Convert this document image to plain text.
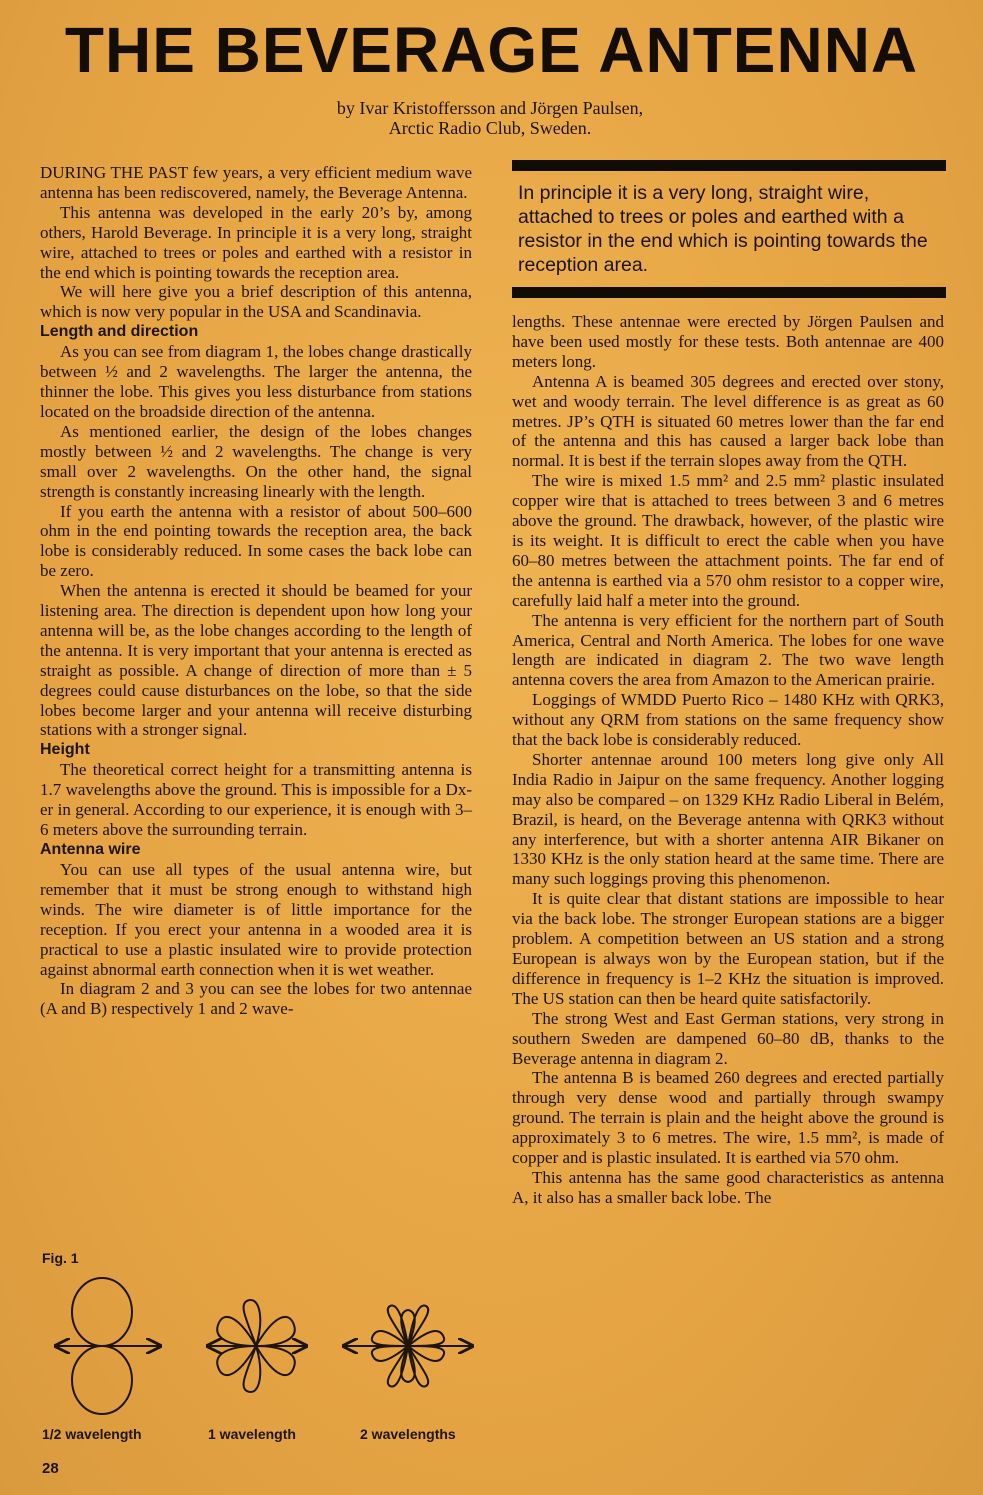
THE BEVERAGE ANTENNA
by Ivar Kristoffersson and Jörgen Paulsen,
Arctic Radio Club, Sweden.

DURING THE PAST few years, a very efficient medium wave antenna has been rediscovered, namely, the Beverage Antenna.

This antenna was developed in the early 20’s by, among others, Harold Beverage. In principle it is a very long, straight wire, attached to trees or poles and earthed with a resistor in the end which is pointing towards the reception area.

We will here give you a brief description of this antenna, which is now very popular in the USA and Scandinavia.

Length and direction

As you can see from diagram 1, the lobes change drastically between ½ and 2 wavelengths. The larger the antenna, the thinner the lobe. This gives you less disturbance from stations located on the broadside direction of the antenna.

As mentioned earlier, the design of the lobes changes mostly between ½ and 2 wavelengths. The change is very small over 2 wavelengths. On the other hand, the signal strength is constantly increasing linearly with the length.

If you earth the antenna with a resistor of about 500–600 ohm in the end pointing towards the reception area, the back lobe is considerably reduced. In some cases the back lobe can be zero.

When the antenna is erected it should be beamed for your listening area. The direction is dependent upon how long your antenna will be, as the lobe changes according to the length of the antenna. It is very important that your antenna is erected as straight as possible. A change of direction of more than ± 5 degrees could cause disturbances on the lobe, so that the side lobes become larger and your antenna will receive disturbing stations with a stronger signal.

Height

The theoretical correct height for a transmitting antenna is 1.7 wavelengths above the ground. This is impossible for a Dx-er in general. According to our experience, it is enough with 3–6 meters above the surrounding terrain.

Antenna wire

You can use all types of the usual antenna wire, but remember that it must be strong enough to withstand high winds. The wire diameter is of little importance for the reception. If you erect your antenna in a wooded area it is practical to use a plastic insulated wire to provide protection against abnormal earth connection when it is wet weather.

In diagram 2 and 3 you can see the lobes for two antennae (A and B) respectively 1 and 2 wave-

In principle it is a very long, straight wire, attached to trees or poles and earthed with a resistor in the end which is pointing towards the reception area.

lengths. These antennae were erected by Jörgen Paulsen and have been used mostly for these tests. Both antennae are 400 meters long.

Antenna A is beamed 305 degrees and erected over stony, wet and woody terrain. The level difference is as great as 60 metres. JP’s QTH is situated 60 metres lower than the far end of the antenna and this has caused a larger back lobe than normal. It is best if the terrain slopes away from the QTH.

The wire is mixed 1.5 mm² and 2.5 mm² plastic insulated copper wire that is attached to trees between 3 and 6 metres above the ground. The drawback, however, of the plastic wire is its weight. It is difficult to erect the cable when you have 60–80 metres between the attachment points. The far end of the antenna is earthed via a 570 ohm resistor to a copper wire, carefully laid half a meter into the ground.

The antenna is very efficient for the northern part of South America, Central and North America. The lobes for one wave length are indicated in diagram 2. The two wave length antenna covers the area from Amazon to the American prairie.

Loggings of WMDD Puerto Rico – 1480 KHz with QRK3, without any QRM from stations on the same frequency show that the back lobe is considerably reduced.

Shorter antennae around 100 meters long give only All India Radio in Jaipur on the same frequency. Another logging may also be compared – on 1329 KHz Radio Liberal in Belém, Brazil, is heard, on the Beverage antenna with QRK3 without any interference, but with a shorter antenna AIR Bikaner on 1330 KHz is the only station heard at the same time. There are many such loggings proving this phenomenon.

It is quite clear that distant stations are impossible to hear via the back lobe. The stronger European stations are a bigger problem. A competition between an US station and a strong European is always won by the European station, but if the difference in frequency is 1–2 KHz the situation is improved. The US station can then be heard quite satisfactorily.

The strong West and East German stations, very strong in southern Sweden are dampened 60–80 dB, thanks to the Beverage antenna in diagram 2.

The antenna B is beamed 260 degrees and erected partially through very dense wood and partially through swampy ground. The terrain is plain and the height above the ground is approximately 3 to 6 metres. The wire, 1.5 mm², is made of copper and is plastic insulated. It is earthed via 570 ohm.

This antenna has the same good characteristics as antenna A, it also has a smaller back lobe. The

Fig. 1
1/2 wavelength	1 wavelength	2 wavelengths
28
